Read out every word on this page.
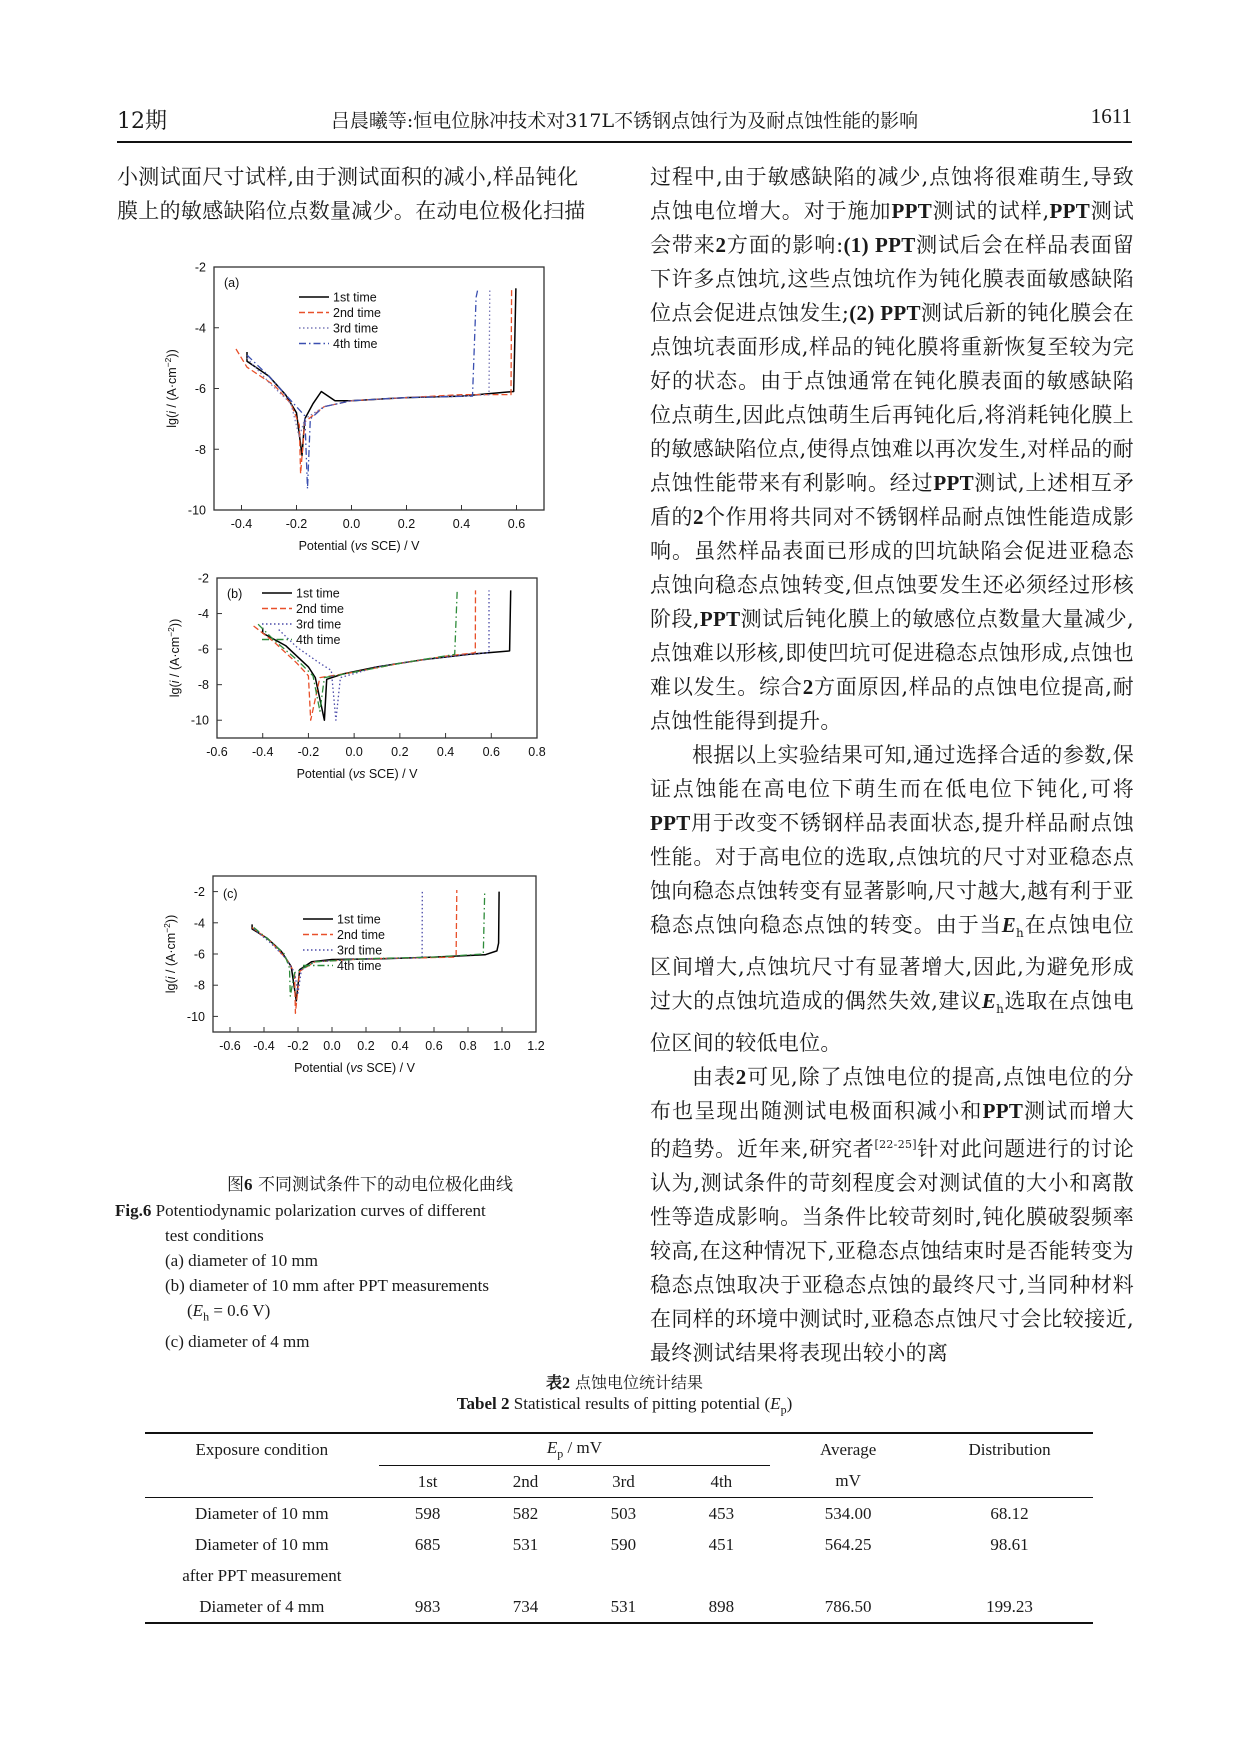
12期	吕晨曦等:恒电位脉冲技术对317L不锈钢点蚀行为及耐点蚀性能的影响	1611

小测试面尺寸试样,由于测试面积的减小,样品钝化

膜上的敏感缺陷位点数量减少。在动电位极化扫描

-0.4	-0.2	0.0	0.2	0.4	0.6
-2
-4
-6
-8
-10
Potential (vs SCE) / V
$\lg(i / (A\cdot cm^{-2}))$
(a)
1st time
2nd time
3rd time
4th time
-0.6 -0.4 -0.2 0.0 0.2 0.4 0.6 0.8
-2
-4
-6
-8
-10
Potential (vs SCE) / V
$\lg(i / (A\cdot cm^{-2}))$
(b)	1st time
2nd time
3rd time
4th time
-0.6 -0.4 -0.2 0.0 0.2 0.4 0.6 0.8 1.0 1.2
-2
-4
-6
-8
-10
Potential (vs SCE) / V
$\lg(i / (A\cdot cm^{-2}))$
(c)
1st time
2nd time
3rd time
4th time
图6 不同测试条件下的动电位极化曲线
Fig.6 Potentiodynamic polarization curves of different
test conditions
(a) diameter of 10 mm
(b) diameter of 10 mm after PPT measurements
($E_h = 0.6$ V)
(c) diameter of 4 mm

过程中,由于敏感缺陷的减少,点蚀将很难萌生,导致点蚀电位增大。对于施加PPT测试的试样,PPT测试会带来2方面的影响:(1) PPT测试后会在样品表面留下许多点蚀坑,这些点蚀坑作为钝化膜表面敏感缺陷位点会促进点蚀发生;(2) PPT测试后新的钝化膜会在点蚀坑表面形成,样品的钝化膜将重新恢复至较为完好的状态。由于点蚀通常在钝化膜表面的敏感缺陷位点萌生,因此点蚀萌生后再钝化后,将消耗钝化膜上的敏感缺陷位点,使得点蚀难以再次发生,对样品的耐点蚀性能带来有利影响。经过PPT测试,上述相互矛盾的2个作用将共同对不锈钢样品耐点蚀性能造成影响。虽然样品表面已形成的凹坑缺陷会促进亚稳态点蚀向稳态点蚀转变,但点蚀要发生还必须经过形核阶段,PPT测试后钝化膜上的敏感位点数量大量减少,点蚀难以形核,即使凹坑可促进稳态点蚀形成,点蚀也难以发生。综合2方面原因,样品的点蚀电位提高,耐点蚀性能得到提升。

根据以上实验结果可知,通过选择合适的参数,保证点蚀能在高电位下萌生而在低电位下钝化,可将PPT用于改变不锈钢样品表面状态,提升样品耐点蚀性能。对于高电位的选取,点蚀坑的尺寸对亚稳态点蚀向稳态点蚀转变有显著影响,尺寸越大,越有利于亚稳态点蚀向稳态点蚀的转变。由于当$E_h$在点蚀电位区间增大,点蚀坑尺寸有显著增大,因此,为避免形成过大的点蚀坑造成的偶然失效,建议$E_h$选取在点蚀电位区间的较低电位。

由表2可见,除了点蚀电位的提高,点蚀电位的分布也呈现出随测试电极面积减小和PPT测试而增大的趋势。近年来,研究者[22-25]针对此问题进行的讨论认为,测试条件的苛刻程度会对测试值的大小和离散性等造成影响。当条件比较苛刻时,钝化膜破裂频率较高,在这种情况下,亚稳态点蚀结束时是否能转变为稳态点蚀取决于亚稳态点蚀的最终尺寸,当同种材料在同样的环境中测试时,亚稳态点蚀尺寸会比较接近,最终测试结果将表现出较小的离

表2 点蚀电位统计结果
Tabel 2 Statistical results of pitting potential $(E_p)$
Exposure condition	$E_p$ / mV				Average	Distribution
	1st	2nd	3rd	4th	mV	
Diameter of 10 mm	598	582	503	453	534.00	68.12
Diameter of 10 mm	685	531	590	451	564.25	98.61
after PPT measurement						
Diameter of 4 mm	983	734	531	898	786.50	199.23
